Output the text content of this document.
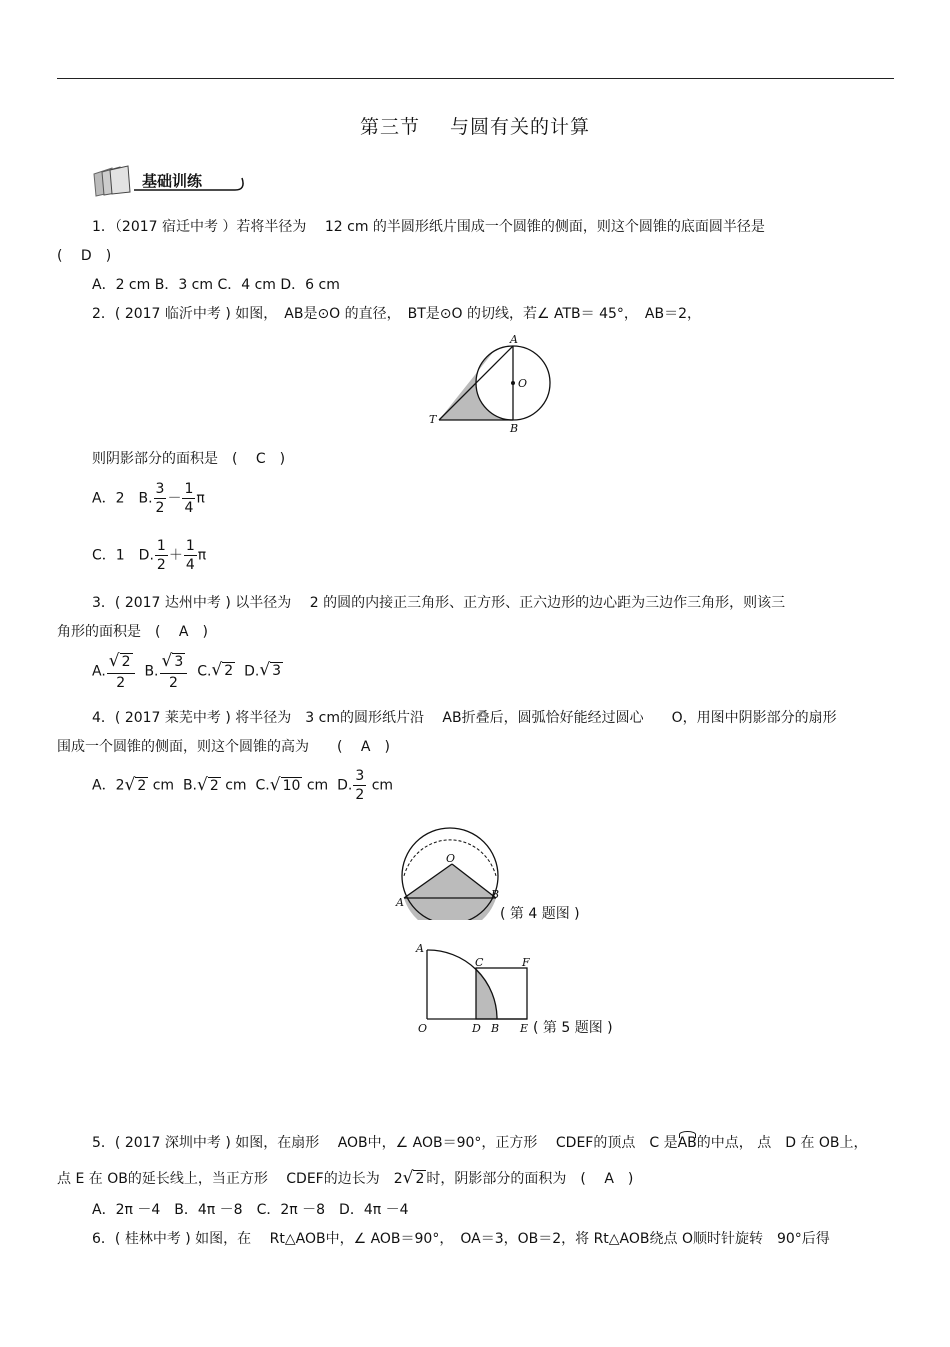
第三节 与圆有关的计算
基础训练
1．（2017 宿迁中考 ）若将半径为　 12 cm 的半圆形纸片围成一个圆锥的侧面，则这个圆锥的底面圆半径是
(　 D　)
A．2 cm B．3 cm C．4 cm D．6 cm
2．( 2017 临沂中考 ) 如图，　AB是⊙O 的直径，　BT是⊙O 的切线，若∠ ATB＝ 45°，　AB＝2，
A
O
T
B
则阴影部分的面积是　(　 C　)
A．2　B. $\frac{3}{2} - \frac{1}{4}$ π
C．1　D. $\frac{1}{2} + \frac{1}{4}$ π
3．( 2017 达州中考 ) 以半径为　 2 的圆的内接正三角形、正方形、正六边形的边心距为三边作三角形，则该三
角形的面积是　(　 A　)
A. $\frac{√ 2}{2} B$. $\frac{√ 3}{2} C$. √ 2 D. √ 3
4．( 2017 莱芜中考 ) 将半径为　3 cm的圆形纸片沿　 AB折叠后，圆弧恰好能经过圆心　　O，用图中阴影部分的扇形
围成一个圆锥的侧面，则这个圆锥的高为　　(　 A　)
A．2 √ 2 cm B. √ 2 cm C. √ 10 cm D. $\frac{3}{2}$ cm
O
A
B
( 第 4 题图 )
A
C	F
O	D B E ( 第 5 题图 )
5．( 2017 深圳中考 ) 如图，在扇形　 AOB中，∠ AOB＝90°，正方形　 CDEF的顶点　C 是AB的中点， 点　D 在 OB上，
点 E 在 OB的延长线上，当正方形　 CDEF的边长为　2 √ 2 时，阴影部分的面积为　(　 A　)
A．2π －4　B．4π －8　C．2π －8　D．4π －4
6．( 桂林中考 ) 如图，在　 Rt△AOB中，∠ AOB＝90°，　OA＝3，OB＝2，将 Rt△AOB绕点 O顺时针旋转　90°后得
